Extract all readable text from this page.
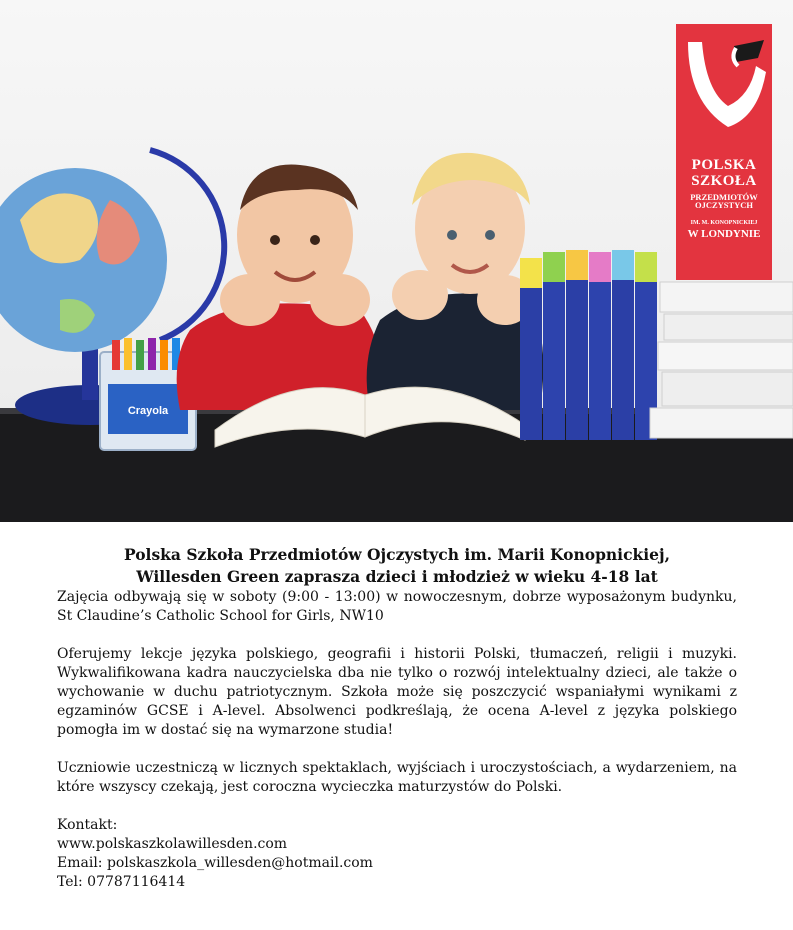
Crayola
POLSKA
SZKOŁA
PRZEDMIOTÓW
OJCZYSTYCH
IM. M. KONOPNICKIEJ
W LONDYNIE
Polska Szkoła Przedmiotów Ojczystych im. Marii Konopnickiej,
Willesden Green zaprasza dzieci i młodzież w wieku 4-18 lat

Zajęcia odbywają się w soboty (9:00 - 13:00) w nowoczesnym, dobrze wyposażonym budynku, St Claudine’s Catholic School for Girls, NW10

Oferujemy lekcje języka polskiego, geografii i historii Polski, tłumaczeń, religii i muzyki. Wykwalifikowana kadra nauczycielska dba nie tylko o rozwój intelektualny dzieci, ale także o wychowanie w duchu patriotycznym. Szkoła może się poszczycić wspaniałymi wynikami z egzaminów GCSE i A-level. Absolwenci podkreślają, że ocena A-level z języka polskiego pomogła im w dostać się na wymarzone studia!

Uczniowie uczestniczą w licznych spektaklach, wyjściach i uroczystościach, a wydarzeniem, na które wszyscy czekają, jest coroczna wycieczka maturzystów do Polski.

Kontakt:

www.polskaszkolawillesden.com

Email: polskaszkola_willesden@hotmail.com

Tel: 07787116414
